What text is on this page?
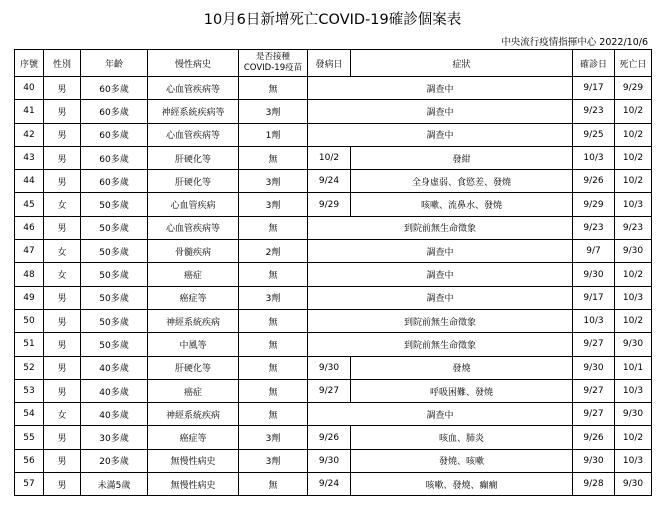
10月6日新增死亡COVID-19確診個案表
中央流行疫情指揮中心 2022/10/6
序號	性別	年齡	慢性病史	是否接種
COVID-19疫苗	發病日	症狀	確診日	死亡日
40	男	60多歲	心血管疾病等	無	調查中		9/17	9/29
41	男	60多歲	神經系統疾病等	3劑	調查中		9/23	10/2
42	男	60多歲	心血管疾病等	1劑	調查中		9/25	10/2
43	男	60多歲	肝硬化等	無	10/2	發紺	10/3	10/2
44	男	60多歲	肝硬化等	3劑	9/24	全身虛弱、食慾差、發燒	9/26	10/2
45	女	50多歲	心血管疾病	3劑	9/29	咳嗽、流鼻水、發燒	9/29	10/3
46	男	50多歲	心血管疾病等	無	到院前無生命徵象		9/23	9/23
47	女	50多歲	骨髓疾病	2劑	調查中		9/7	9/30
48	女	50多歲	癌症	無	調查中		9/30	10/2
49	男	50多歲	癌症等	3劑	調查中		9/17	10/3
50	男	50多歲	神經系統疾病	無	到院前無生命徵象		10/3	10/2
51	男	50多歲	中風等	無	到院前無生命徵象		9/27	9/30
52	男	40多歲	肝硬化等	無	9/30	發燒	9/30	10/1
53	男	40多歲	癌症	無	9/27	呼吸困難、發燒	9/27	10/3
54	女	40多歲	神經系統疾病	無	調查中		9/27	9/30
55	男	30多歲	癌症等	3劑	9/26	咳血、肺炎	9/26	10/2
56	男	20多歲	無慢性病史	3劑	9/30	發燒、咳嗽	9/30	10/3
57	男	未滿5歲	無慢性病史	無	9/24	咳嗽、發燒、癲癇	9/28	9/30
